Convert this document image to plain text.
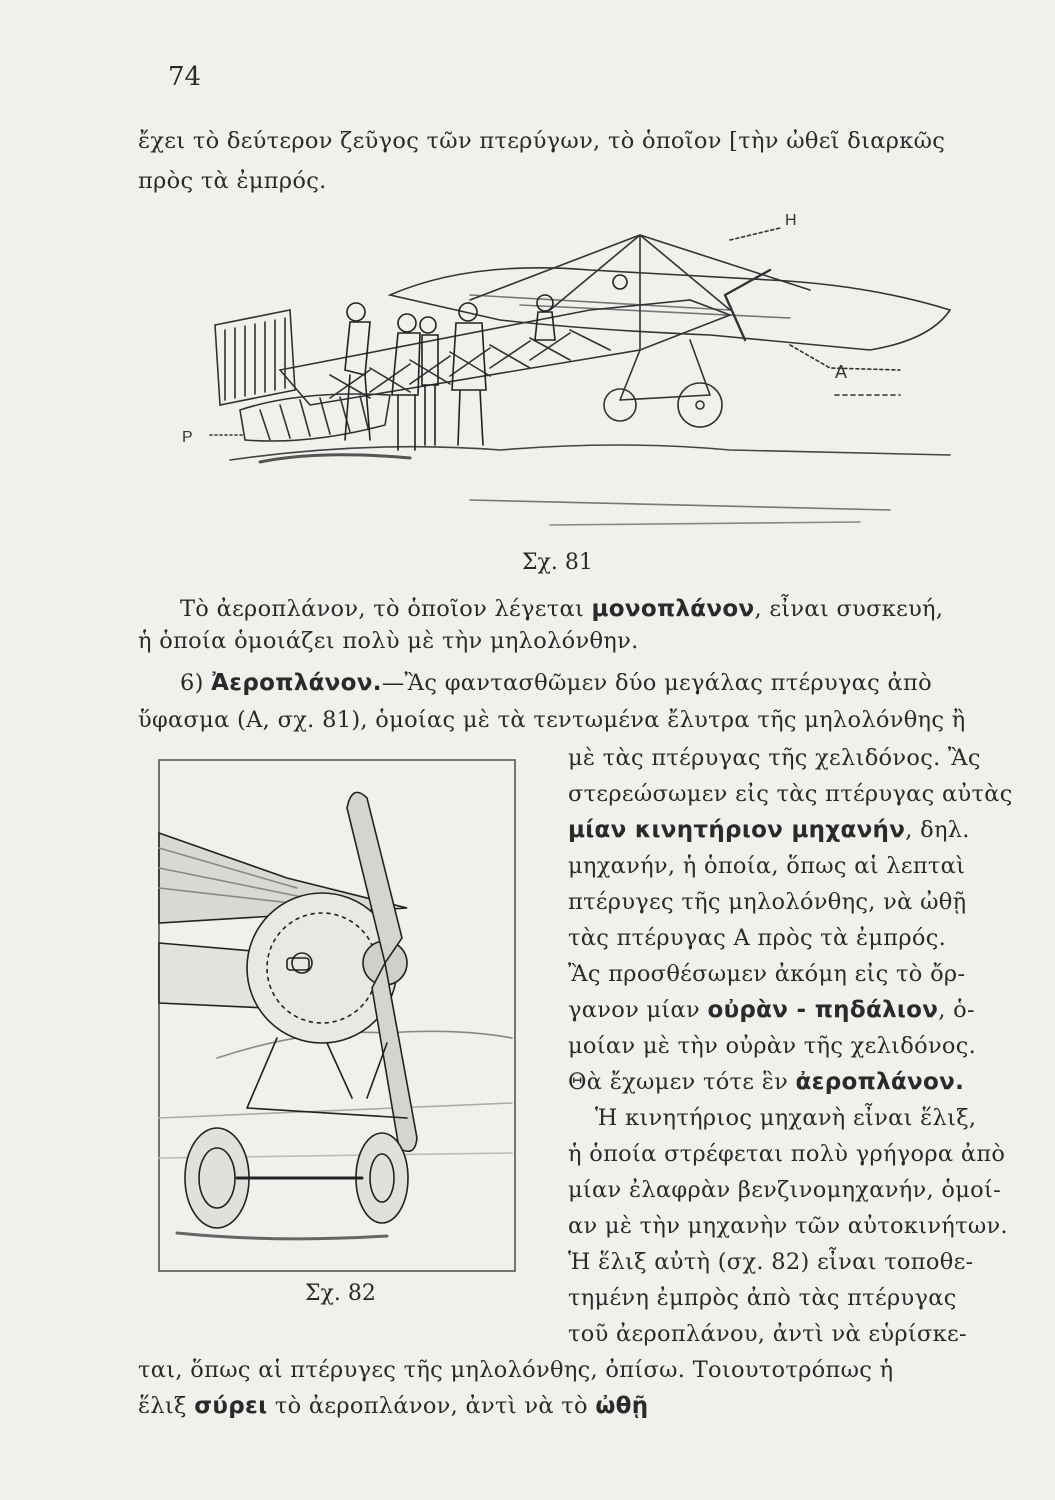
74
ἔχει τὸ δεύτερον ζεῦγος τῶν πτερύγων, τὸ ὁποῖον [τὴν ὠθεῖ διαρκῶς
πρὸς τὰ ἐμπρός.
Η
Α
P
Σχ. 81
Τὸ ἀεροπλάνον, τὸ ὁποῖον λέγεται μονοπλάνον, εἶναι συσκευή,
ἡ ὁποία ὁμοιάζει πολὺ μὲ τὴν μηλολόνθην.
6) Ἀεροπλάνον.—Ἂς φαντασθῶμεν δύο μεγάλας πτέρυγας ἀπὸ
ὕφασμα (Α, σχ. 81), ὁμοίας μὲ τὰ τεντωμένα ἔλυτρα τῆς μηλολόνθης ἢ
Σχ. 82
μὲ τὰς πτέρυγας τῆς χελιδόνος. Ἂς
στερεώσωμεν εἰς τὰς πτέρυγας αὐτὰς
μίαν κινητήριον μηχανήν, δηλ.
μηχανήν, ἡ ὁποία, ὅπως αἱ λεπταὶ
πτέρυγες τῆς μηλολόνθης, νὰ ὠθῇ
τὰς πτέρυγας Α πρὸς τὰ ἐμπρός.
Ἂς προσθέσωμεν ἀκόμη εἰς τὸ ὄρ-
γανον μίαν οὐρὰν - πηδάλιον, ὁ-
μοίαν μὲ τὴν οὐρὰν τῆς χελιδόνος.
Θὰ ἔχωμεν τότε ἓν ἀεροπλάνον.
Ἡ κινητήριος μηχανὴ εἶναι ἕλιξ,
ἡ ὁποία στρέφεται πολὺ γρήγορα ἀπὸ
μίαν ἐλαφρὰν βενζινομηχανήν, ὁμοί-
αν μὲ τὴν μηχανὴν τῶν αὐτοκινήτων.
Ἡ ἕλιξ αὐτὴ (σχ. 82) εἶναι τοποθε-
τημένη ἐμπρὸς ἀπὸ τὰς πτέρυγας
τοῦ ἀεροπλάνου, ἀντὶ νὰ εὑρίσκε-
ται, ὅπως αἱ πτέρυγες τῆς μηλολόνθης, ὀπίσω. Τοιουτοτρόπως ἡ
ἕλιξ σύρει τὸ ἀεροπλάνον, ἀντὶ νὰ τὸ ὠθῇ
